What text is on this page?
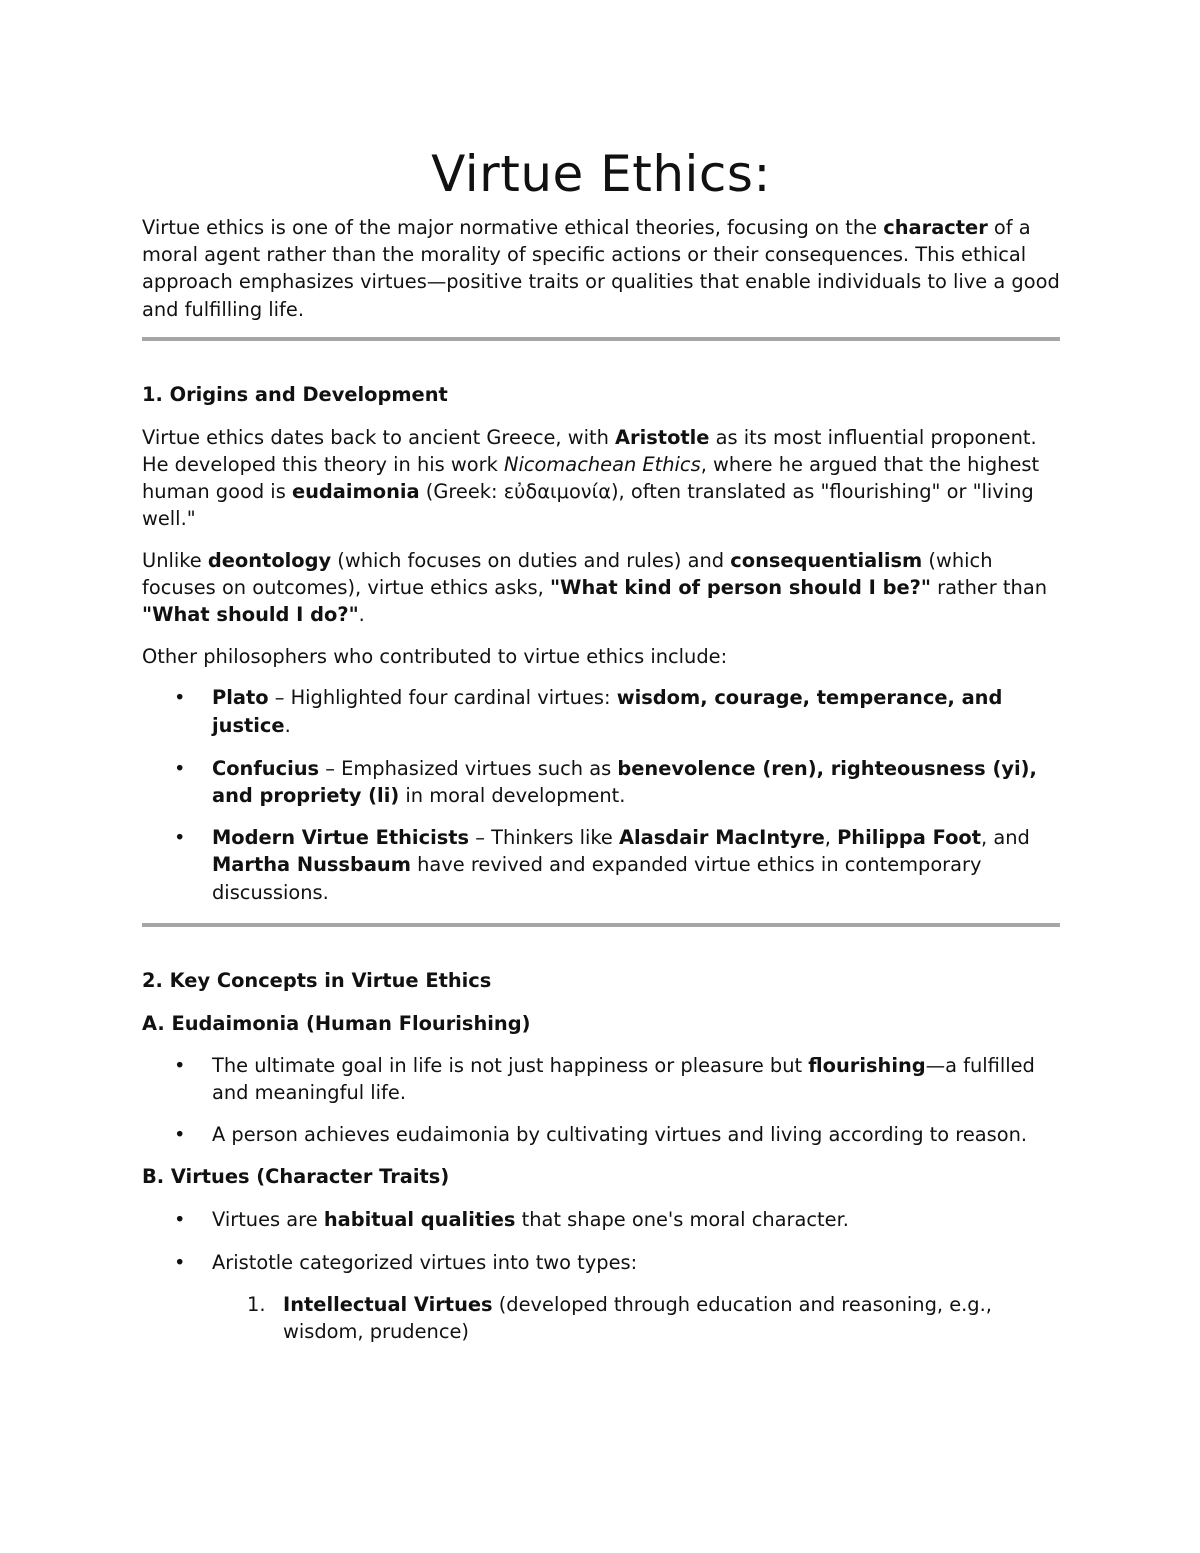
Virtue Ethics:

Virtue ethics is one of the major normative ethical theories, focusing on the character of a moral agent rather than the morality of specific actions or their consequences. This ethical approach emphasizes virtues—positive traits or qualities that enable individuals to live a good and fulfilling life.

1. Origins and Development

Virtue ethics dates back to ancient Greece, with Aristotle as its most influential proponent. He developed this theory in his work Nicomachean Ethics, where he argued that the highest human good is eudaimonia (Greek: εὐδαιμονία), often translated as "flourishing" or "living well."

Unlike deontology (which focuses on duties and rules) and consequentialism (which focuses on outcomes), virtue ethics asks, "What kind of person should I be?" rather than "What should I do?".

Other philosophers who contributed to virtue ethics include:

• Plato – Highlighted four cardinal virtues: wisdom, courage, temperance, and justice.
• Confucius – Emphasized virtues such as benevolence (ren), righteousness (yi), and propriety (li) in moral development.
• Modern Virtue Ethicists – Thinkers like Alasdair MacIntyre, Philippa Foot, and Martha Nussbaum have revived and expanded virtue ethics in contemporary discussions.
2. Key Concepts in Virtue Ethics
A. Eudaimonia (Human Flourishing)
• The ultimate goal in life is not just happiness or pleasure but flourishing—a fulfilled and meaningful life.
• A person achieves eudaimonia by cultivating virtues and living according to reason.
B. Virtues (Character Traits)
• Virtues are habitual qualities that shape one's moral character.
• Aristotle categorized virtues into two types:
1. Intellectual Virtues (developed through education and reasoning, e.g., wisdom, prudence)
